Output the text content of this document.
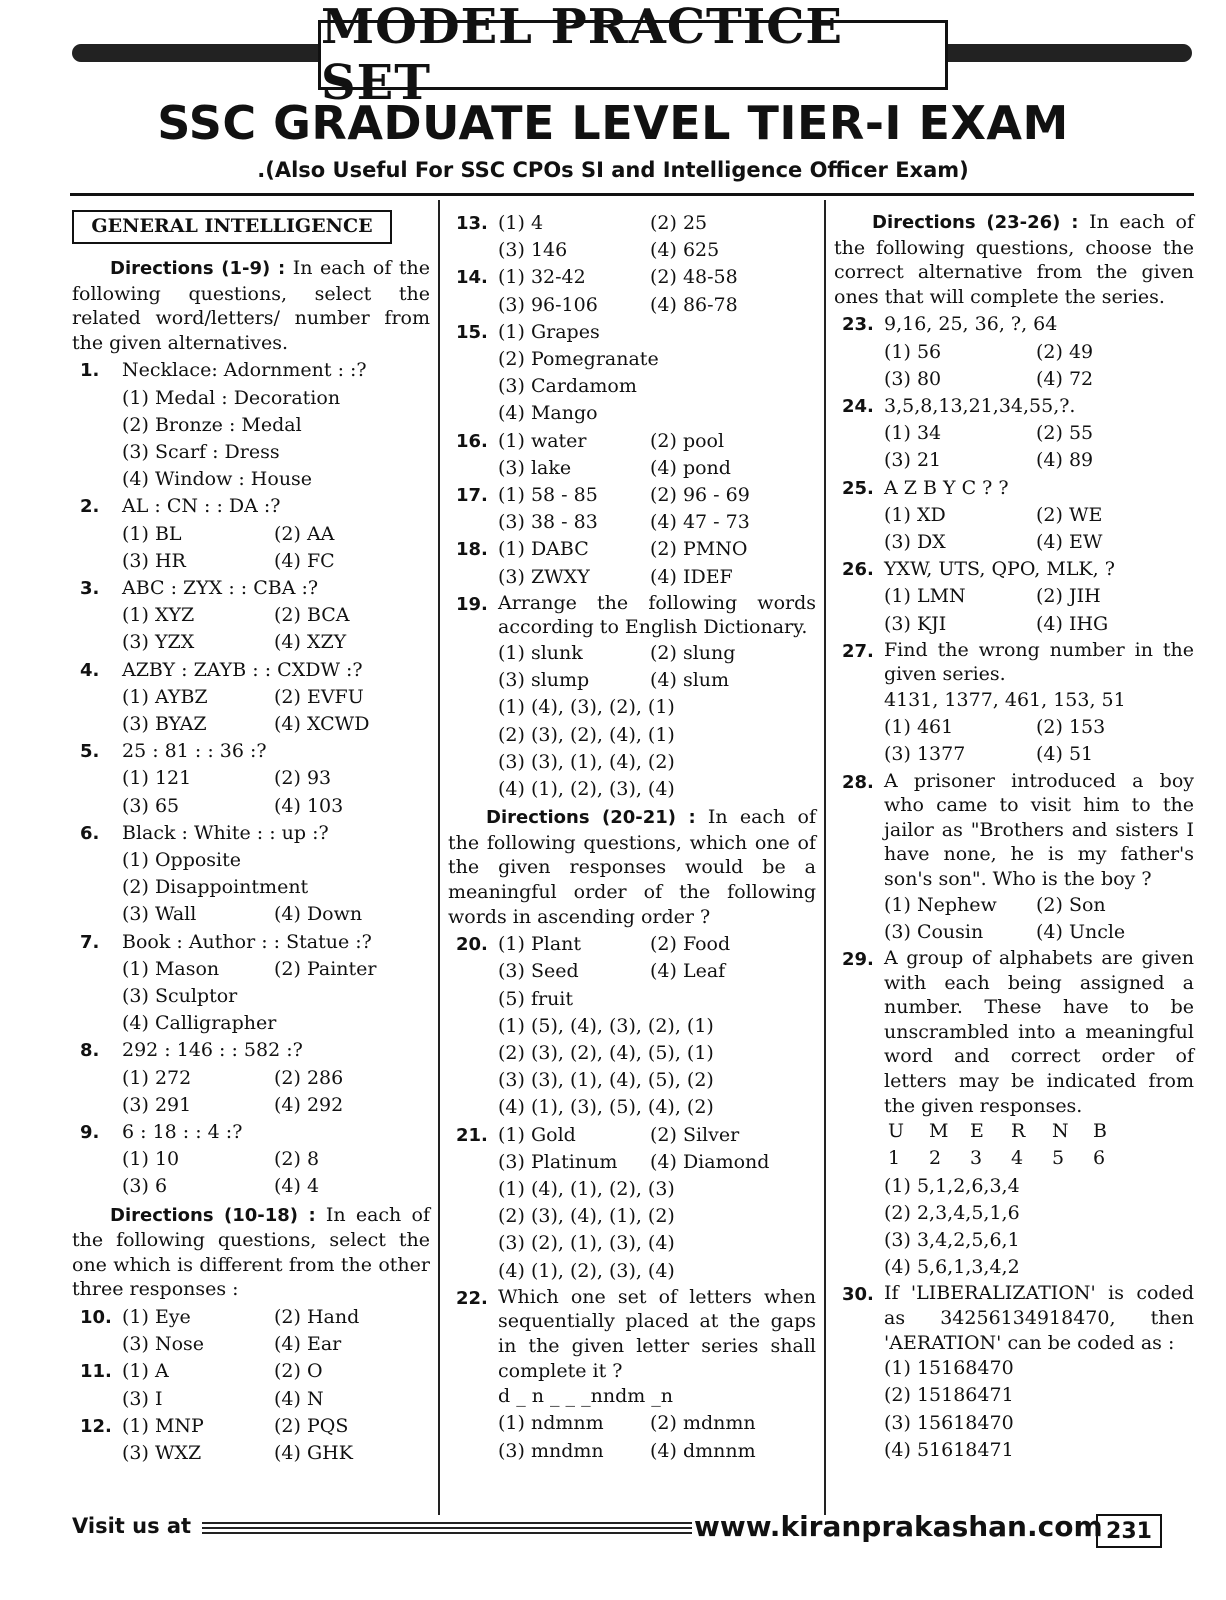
MODEL PRACTICE SET
SSC GRADUATE LEVEL TIER-I EXAM
.(Also Useful For SSC CPOs SI and Intelligence Officer Exam)
GENERAL INTELLIGENCE
Directions (1-9) : In each of the following questions, select the related word/letters/ number from the given alternatives.
1. Necklace: Adornment : :?
(1) Medal : Decoration
(2) Bronze : Medal
(3) Scarf : Dress
(4) Window : House
2. AL : CN : : DA :?
(1) BL	(2) AA
(3) HR	(4) FC
3. ABC : ZYX : : CBA :?
(1) XYZ	(2) BCA
(3) YZX	(4) XZY
4. AZBY : ZAYB : : CXDW :?
(1) AYBZ	(2) EVFU
(3) BYAZ	(4) XCWD
5. 25 : 81 : : 36 :?
(1) 121	(2) 93
(3) 65	(4) 103
6. Black : White : : up :?
(1) Opposite
(2) Disappointment
(3) Wall	(4) Down
7. Book : Author : : Statue :?
(1) Mason	(2) Painter
(3) Sculptor
(4) Calligrapher
8. 292 : 146 : : 582 :?
(1) 272	(2) 286
(3) 291	(4) 292
9. 6 : 18 : : 4 :?
(1) 10	(2) 8
(3) 6	(4) 4
Directions (10-18) : In each of the following questions, select the one which is different from the other three responses :
10. (1) Eye	(2) Hand
(3) Nose	(4) Ear
11. (1) A	(2) O
(3) I	(4) N
12. (1) MNP	(2) PQS
(3) WXZ	(4) GHK
13. (1) 4	(2) 25
(3) 146	(4) 625
14. (1) 32-42	(2) 48-58
(3) 96-106	(4) 86-78
15. (1) Grapes
(2) Pomegranate
(3) Cardamom
(4) Mango
16. (1) water	(2) pool
(3) lake	(4) pond
17. (1) 58 - 85	(2) 96 - 69
(3) 38 - 83	(4) 47 - 73
18. (1) DABC	(2) PMNO
(3) ZWXY	(4) IDEF
19. Arrange the following words according to English Dictionary.
(1) slunk	(2) slung
(3) slump	(4) slum
(1) (4), (3), (2), (1)
(2) (3), (2), (4), (1)
(3) (3), (1), (4), (2)
(4) (1), (2), (3), (4)
Directions (20-21) : In each of the following questions, which one of the given responses would be a meaningful order of the following words in ascending order ?
20. (1) Plant	(2) Food
(3) Seed	(4) Leaf
(5) fruit
(1) (5), (4), (3), (2), (1)
(2) (3), (2), (4), (5), (1)
(3) (3), (1), (4), (5), (2)
(4) (1), (3), (5), (4), (2)
21. (1) Gold	(2) Silver
(3) Platinum	(4) Diamond
(1) (4), (1), (2), (3)
(2) (3), (4), (1), (2)
(3) (2), (1), (3), (4)
(4) (1), (2), (3), (4)
22. Which one set of letters when sequentially placed at the gaps in the given letter series shall complete it ?
d _ n _ _ _nndm _n
(1) ndmnm	(2) mdnmn
(3) mndmn	(4) dmnnm
Directions (23-26) : In each of the following questions, choose the correct alternative from the given ones that will complete the series.
23. 9,16, 25, 36, ?, 64
(1) 56	(2) 49
(3) 80	(4) 72
24. 3,5,8,13,21,34,55,?.
(1) 34	(2) 55
(3) 21	(4) 89
25. A Z B Y C ? ?
(1) XD	(2) WE
(3) DX	(4) EW
26. YXW, UTS, QPO, MLK, ?
(1) LMN	(2) JIH
(3) KJI	(4) IHG
27. Find the wrong number in the given series.
4131, 1377, 461, 153, 51
(1) 461	(2) 153
(3) 1377	(4) 51
28. A prisoner introduced a boy who came to visit him to the jailor as "Brothers and sisters I have none, he is my father's son's son". Who is the boy ?
(1) Nephew	(2) Son
(3) Cousin	(4) Uncle
29. A group of alphabets are given with each being assigned a number. These have to be unscrambled into a meaningful word and correct order of letters may be indicated from the given responses.
U	M	E	R	N	B
1	2	3	4	5	6
(1) 5,1,2,6,3,4
(2) 2,3,4,5,1,6
(3) 3,4,2,5,6,1
(4) 5,6,1,3,4,2
30. If 'LIBERALIZATION' is coded as 34256134918470, then 'AERATION' can be coded as :
(1) 15168470
(2) 15186471
(3) 15618470
(4) 51618471
Visit us at	www.kiranprakashan.com 231
